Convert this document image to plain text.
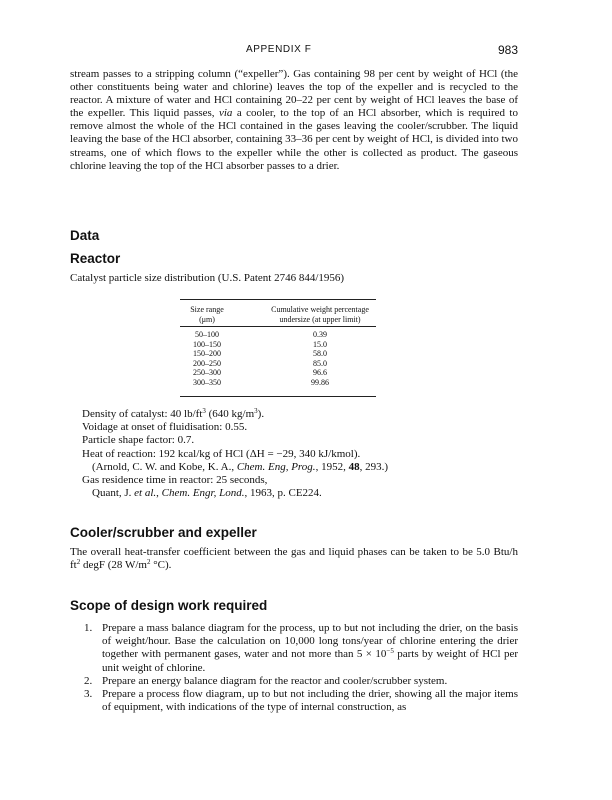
APPENDIX F	983

stream passes to a stripping column (“expeller”). Gas containing 98 per cent by weight of HCl (the other constituents being water and chlorine) leaves the top of the expeller and is recycled to the reactor. A mixture of water and HCl containing 20–22 per cent by weight of HCl leaves the base of the expeller. This liquid passes, via a cooler, to the top of an HCl absorber, which is required to remove almost the whole of the HCl contained in the gases leaving the cooler/scrubber. The liquid leaving the base of the HCl absorber, containing 33–36 per cent by weight of HCl, is divided into two streams, one of which flows to the expeller while the other is collected as product. The gaseous chlorine leaving the top of the HCl absorber passes to a drier.

Data
Reactor
Catalyst particle size distribution (U.S. Patent 2746 844/1956)
Size range
(μm)
Cumulative weight percentage
undersize (at upper limit)
50–100
100–150
150–200
200–250
250–300
300–350
0.39
15.0
58.0
85.0
96.6
99.86
Density of catalyst: 40 $lb/ft^3$ (640 $kg/m^3$).
Voidage at onset of fluidisation: 0.55.
Particle shape factor: 0.7.
Heat of reaction: 192 kcal/kg of HCl (ΔH = −29, 340 kJ/kmol).
(Arnold, C. W. and Kobe, K. A., Chem. Eng, Prog., 1952, 48, 293.)
Gas residence time in reactor: 25 seconds,
Quant, J. et al., Chem. Engr, Lond., 1963, p. CE224.
Cooler/scrubber and expeller

The overall heat-transfer coefficient between the gas and liquid phases can be taken to be 5.0 Btu/h $ft^2$ degF (28 $W/m^2$ °C).

Scope of design work required
1. Prepare a mass balance diagram for the process, up to but not including the drier, on the basis of weight/hour. Base the calculation on 10,000 long tons/year of chlorine entering the drier together with permanent gases, water and not more than $5 \times 10^{-5}$ parts by weight of HCl per unit weight of chlorine.
2. Prepare an energy balance diagram for the reactor and cooler/scrubber system.
3. Prepare a process flow diagram, up to but not including the drier, showing all the major items of equipment, with indications of the type of internal construction, as
